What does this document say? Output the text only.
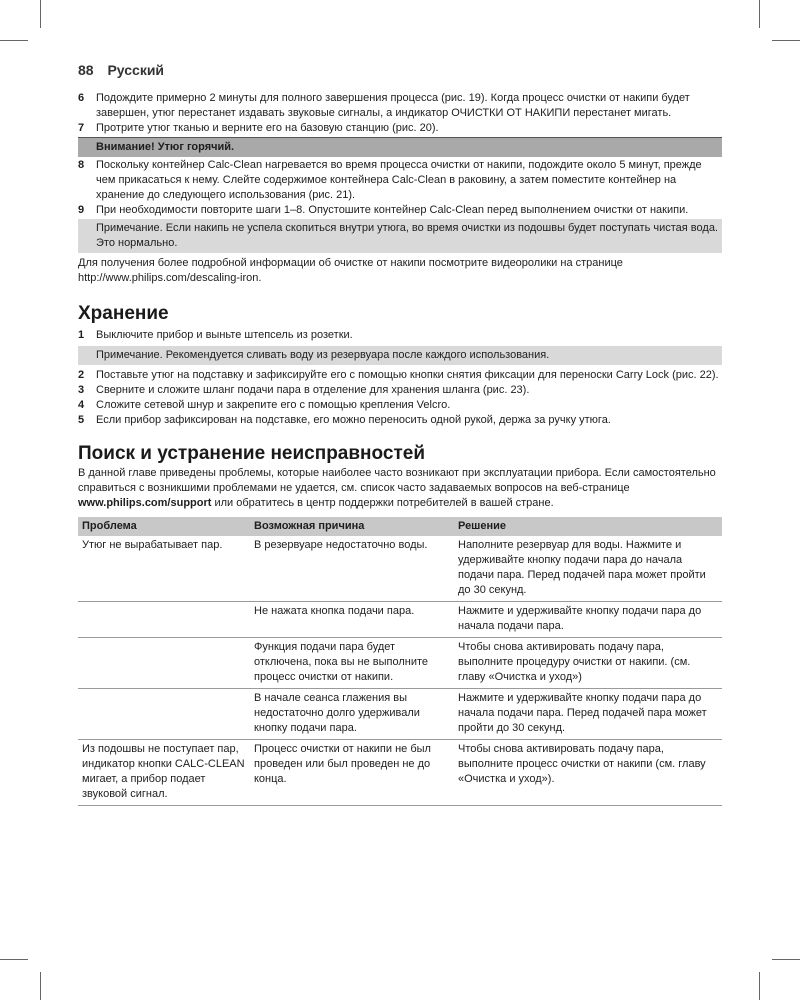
88 Русский
6	Подождите примерно 2 минуты для полного завершения процесса (рис. 19). Когда процесс очистки от накипи будет завершен, утюг перестанет издавать звуковые сигналы, а индикатор ОЧИСТКИ ОТ НАКИПИ перестанет мигать.
7	Протрите утюг тканью и верните его на базовую станцию (рис. 20).
Внимание! Утюг горячий.
8	Поскольку контейнер Calc-Clean нагревается во время процесса очистки от накипи, подождите около 5 минут, прежде чем прикасаться к нему. Слейте содержимое контейнера Calc-Clean в раковину, а затем поместите контейнер на хранение до следующего использования (рис. 21).
9	При необходимости повторите шаги 1–8. Опустошите контейнер Calc-Clean перед выполнением очистки от накипи.
Примечание. Если накипь не успела скопиться внутри утюга, во время очистки из подошвы будет поступать чистая вода. Это нормально.
Для получения более подробной информации об очистке от накипи посмотрите видеоролики на странице http://www.philips.com/descaling-iron.
Хранение
1	Выключите прибор и выньте штепсель из розетки.
Примечание. Рекомендуется сливать воду из резервуара после каждого использования.
2	Поставьте утюг на подставку и зафиксируйте его с помощью кнопки снятия фиксации для переноски Carry Lock (рис. 22).
3	Сверните и сложите шланг подачи пара в отделение для хранения шланга (рис. 23).
4	Сложите сетевой шнур и закрепите его с помощью крепления Velcro.
5	Если прибор зафиксирован на подставке, его можно переносить одной рукой, держа за ручку утюга.
Поиск и устранение неисправностей
В данной главе приведены проблемы, которые наиболее часто возникают при эксплуатации прибора. Если самостоятельно справиться с возникшими проблемами не удается, см. список часто задаваемых вопросов на веб-странице www.philips.com/support или обратитесь в центр поддержки потребителей в вашей стране.
Проблема	Возможная причина	Решение
Утюг не вырабатывает пар.	В резервуаре недостаточно воды.	Наполните резервуар для воды. Нажмите и удерживайте кнопку подачи пара до начала подачи пара. Перед подачей пара может пройти до 30 секунд.
	Не нажата кнопка подачи пара.	Нажмите и удерживайте кнопку подачи пара до начала подачи пара.
	Функция подачи пара будет отключена, пока вы не выполните процесс очистки от накипи.	Чтобы снова активировать подачу пара, выполните процедуру очистки от накипи. (см. главу «Очистка и уход»)
	В начале сеанса глажения вы недостаточно долго удерживали кнопку подачи пара.	Нажмите и удерживайте кнопку подачи пара до начала подачи пара. Перед подачей пара может пройти до 30 секунд.
Из подошвы не поступает пар, индикатор кнопки CALC-CLEAN мигает, а прибор подает звуковой сигнал.	Процесс очистки от накипи не был проведен или был проведен не до конца.	Чтобы снова активировать подачу пара, выполните процесс очистки от накипи (см. главу «Очистка и уход»).
